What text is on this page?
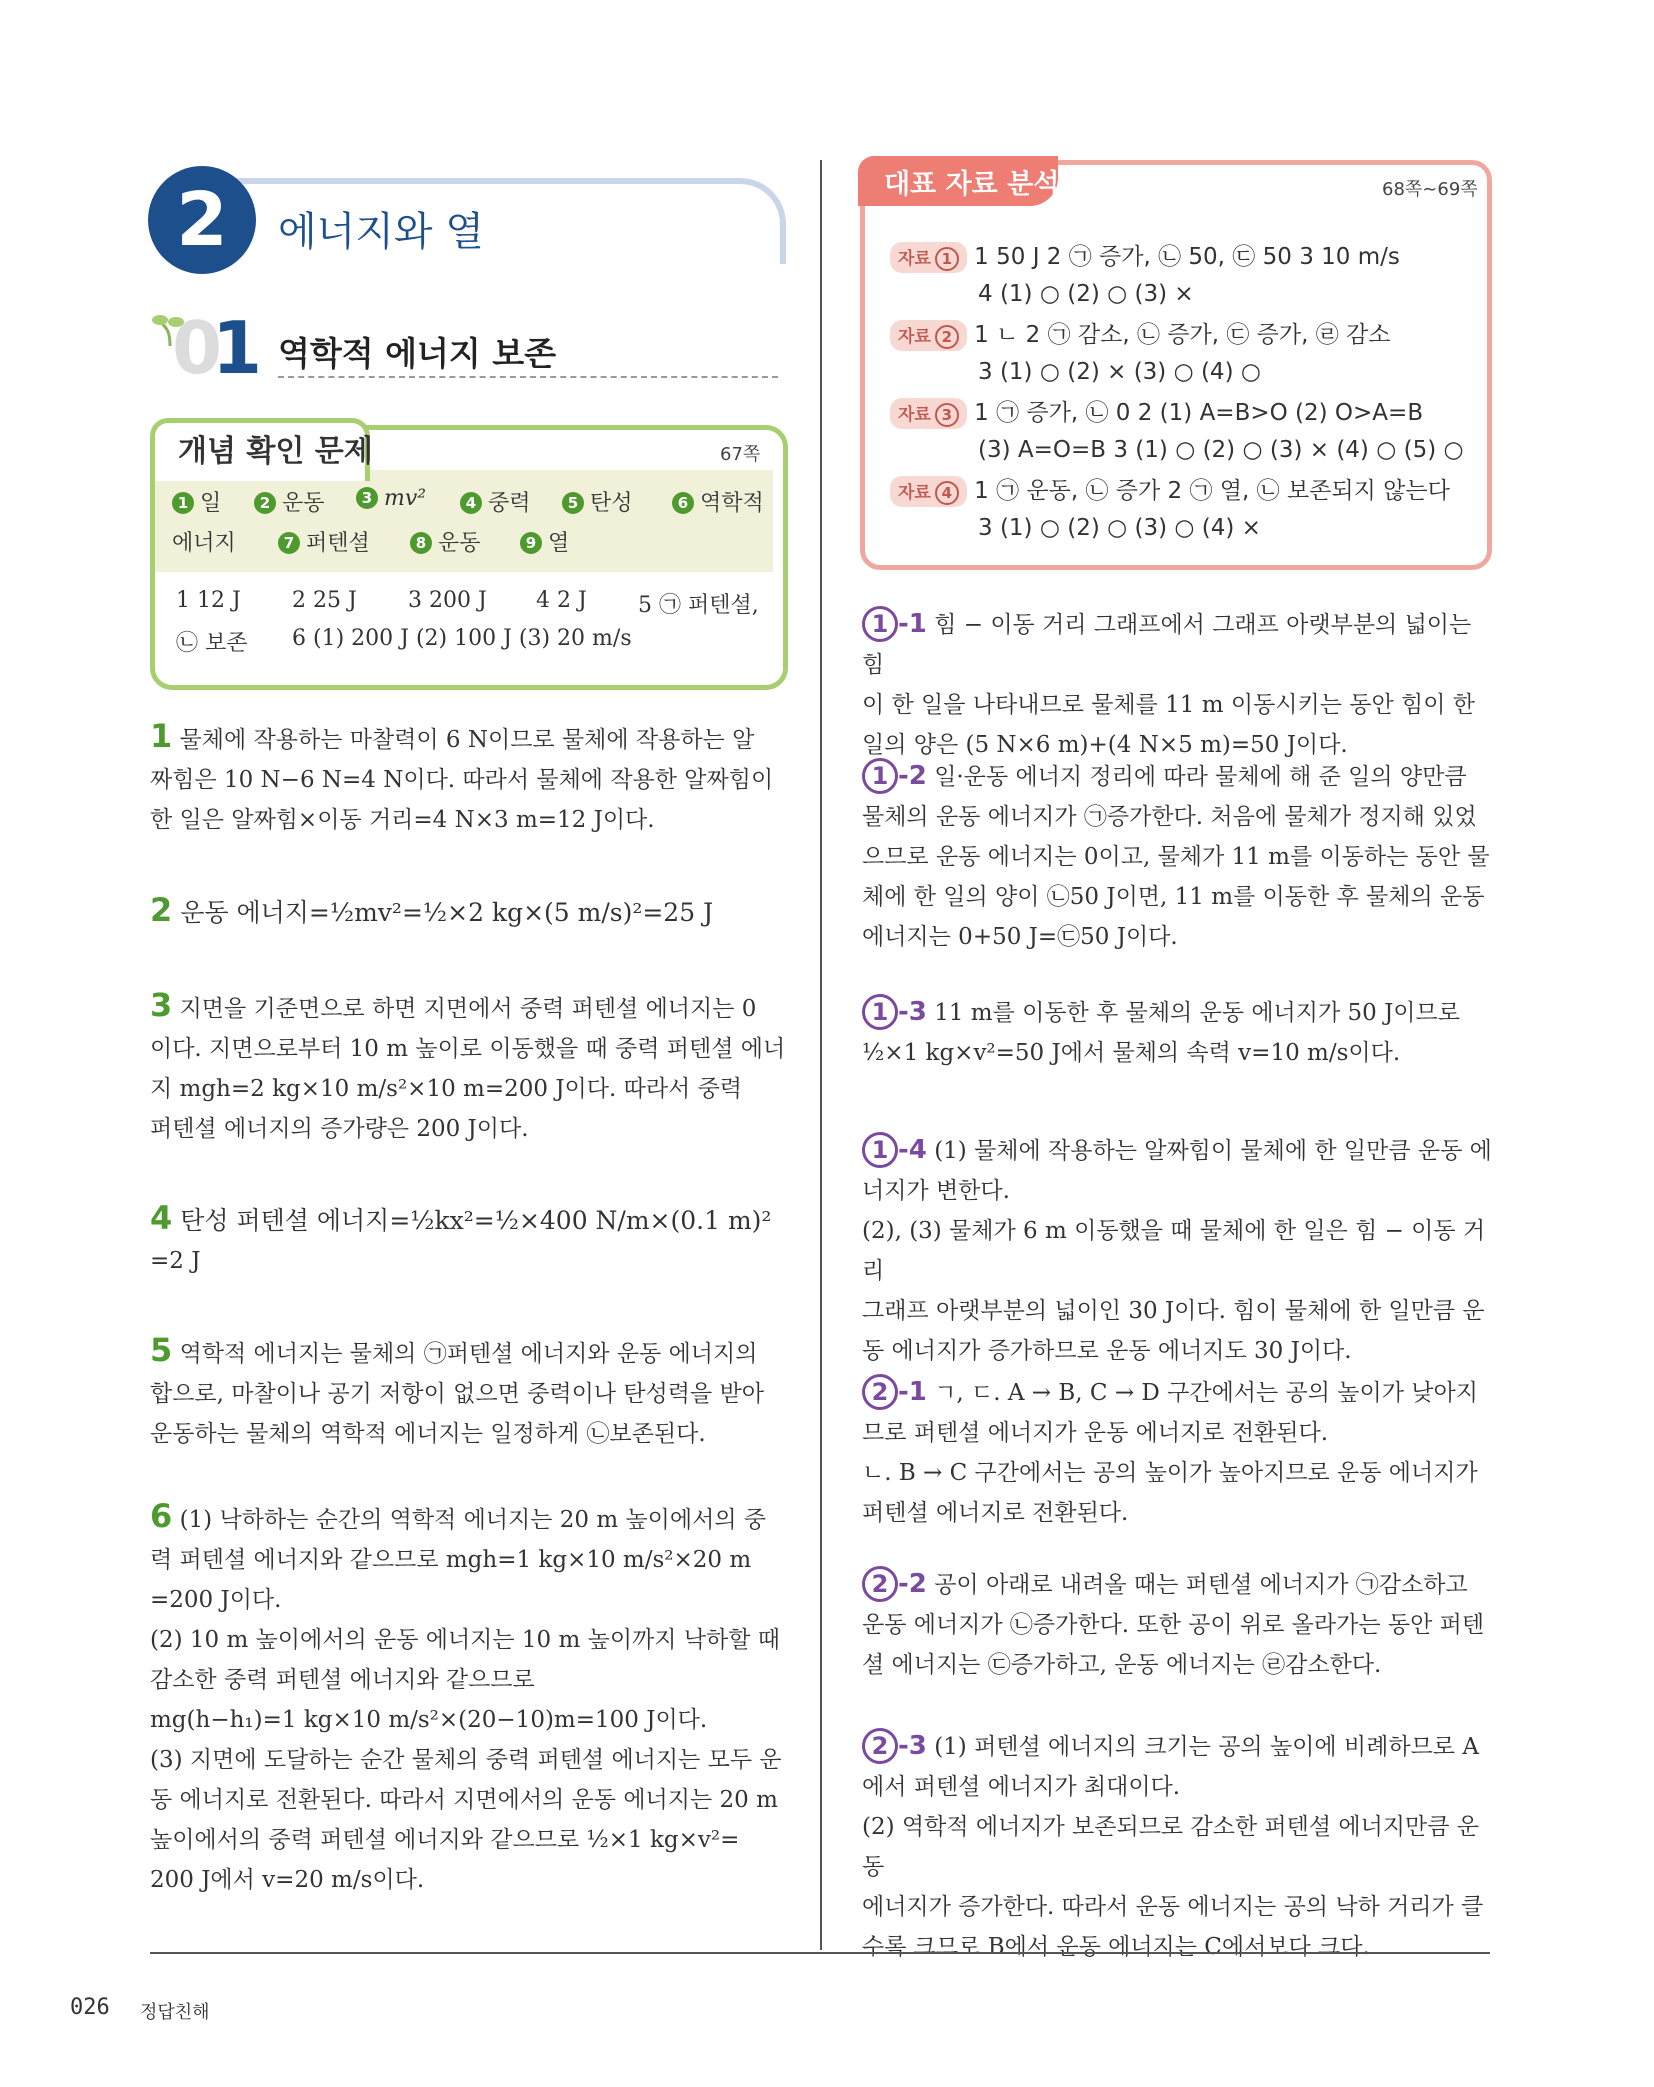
2	에너지와 열
0
1 역학적 에너지 보존
개념 확인 문제	67쪽
1 일	2 운동	3 mv²	4 중력	5 탄성	6 역학적
에너지	7 퍼텐셜	8 운동	9 열
1 12 J 2 25 J 3 200 J 4 2 J 5 ㉠ 퍼텐셜,
㉡ 보존 6 (1) 200 J (2) 100 J (3) 20 m/s
1 물체에 작용하는 마찰력이 6 N이므로 물체에 작용하는 알
짜힘은 10 N−6 N=4 N이다. 따라서 물체에 작용한 알짜힘이
한 일은 알짜힘×이동 거리=4 N×3 m=12 J이다.
2 운동 에너지=½mv²=½×2 kg×(5 m/s)²=25 J
3 지면을 기준면으로 하면 지면에서 중력 퍼텐셜 에너지는 0
이다. 지면으로부터 10 m 높이로 이동했을 때 중력 퍼텐셜 에너
지 mgh=2 kg×10 m/s²×10 m=200 J이다. 따라서 중력
퍼텐셜 에너지의 증가량은 200 J이다.
4 탄성 퍼텐셜 에너지=½kx²=½×400 N/m×(0.1 m)²
=2 J
5 역학적 에너지는 물체의 ㉠퍼텐셜 에너지와 운동 에너지의
합으로, 마찰이나 공기 저항이 없으면 중력이나 탄성력을 받아
운동하는 물체의 역학적 에너지는 일정하게 ㉡보존된다.
6 (1) 낙하하는 순간의 역학적 에너지는 20 m 높이에서의 중
력 퍼텐셜 에너지와 같으므로 mgh=1 kg×10 m/s²×20 m
=200 J이다.
(2) 10 m 높이에서의 운동 에너지는 10 m 높이까지 낙하할 때
감소한 중력 퍼텐셜 에너지와 같으므로
mg(h−h₁)=1 kg×10 m/s²×(20−10)m=100 J이다.
(3) 지면에 도달하는 순간 물체의 중력 퍼텐셜 에너지는 모두 운
동 에너지로 전환된다. 따라서 지면에서의 운동 에너지는 20 m
높이에서의 중력 퍼텐셜 에너지와 같으므로 ½×1 kg×v²=
200 J에서 v=20 m/s이다.
대표 자료 분석	68쪽~69쪽
자료 1 1 50 J 2 ㉠ 증가, ㉡ 50, ㉢ 50 3 10 m/s
4 (1) ○ (2) ○ (3) ×
자료 2 1 ㄴ 2 ㉠ 감소, ㉡ 증가, ㉢ 증가, ㉣ 감소
3 (1) ○ (2) × (3) ○ (4) ○
자료 3 1 ㉠ 증가, ㉡ 0 2 (1) A=B>O (2) O>A=B
(3) A=O=B 3 (1) ○ (2) ○ (3) × (4) ○ (5) ○
자료 4 1 ㉠ 운동, ㉡ 증가 2 ㉠ 열, ㉡ 보존되지 않는다
3 (1) ○ (2) ○ (3) ○ (4) ×
1 -1 힘 − 이동 거리 그래프에서 그래프 아랫부분의 넓이는 힘
이 한 일을 나타내므로 물체를 11 m 이동시키는 동안 힘이 한
일의 양은 (5 N×6 m)+(4 N×5 m)=50 J이다.
1 -2 일·운동 에너지 정리에 따라 물체에 해 준 일의 양만큼
물체의 운동 에너지가 ㉠증가한다. 처음에 물체가 정지해 있었
으므로 운동 에너지는 0이고, 물체가 11 m를 이동하는 동안 물
체에 한 일의 양이 ㉡50 J이면, 11 m를 이동한 후 물체의 운동
에너지는 0+50 J=㉢50 J이다.
1 -3 11 m를 이동한 후 물체의 운동 에너지가 50 J이므로
½×1 kg×v²=50 J에서 물체의 속력 v=10 m/s이다.
1 -4 (1) 물체에 작용하는 알짜힘이 물체에 한 일만큼 운동 에
너지가 변한다.
(2), (3) 물체가 6 m 이동했을 때 물체에 한 일은 힘 − 이동 거리
그래프 아랫부분의 넓이인 30 J이다. 힘이 물체에 한 일만큼 운
동 에너지가 증가하므로 운동 에너지도 30 J이다.
2 -1 ㄱ, ㄷ. A → B, C → D 구간에서는 공의 높이가 낮아지
므로 퍼텐셜 에너지가 운동 에너지로 전환된다.
ㄴ. B → C 구간에서는 공의 높이가 높아지므로 운동 에너지가
퍼텐셜 에너지로 전환된다.
2 -2 공이 아래로 내려올 때는 퍼텐셜 에너지가 ㉠감소하고
운동 에너지가 ㉡증가한다. 또한 공이 위로 올라가는 동안 퍼텐
셜 에너지는 ㉢증가하고, 운동 에너지는 ㉣감소한다.
2 -3 (1) 퍼텐셜 에너지의 크기는 공의 높이에 비례하므로 A
에서 퍼텐셜 에너지가 최대이다.
(2) 역학적 에너지가 보존되므로 감소한 퍼텐셜 에너지만큼 운동
에너지가 증가한다. 따라서 운동 에너지는 공의 낙하 거리가 클
수록 크므로 B에서 운동 에너지는 C에서보다 크다.
026 정답친해
